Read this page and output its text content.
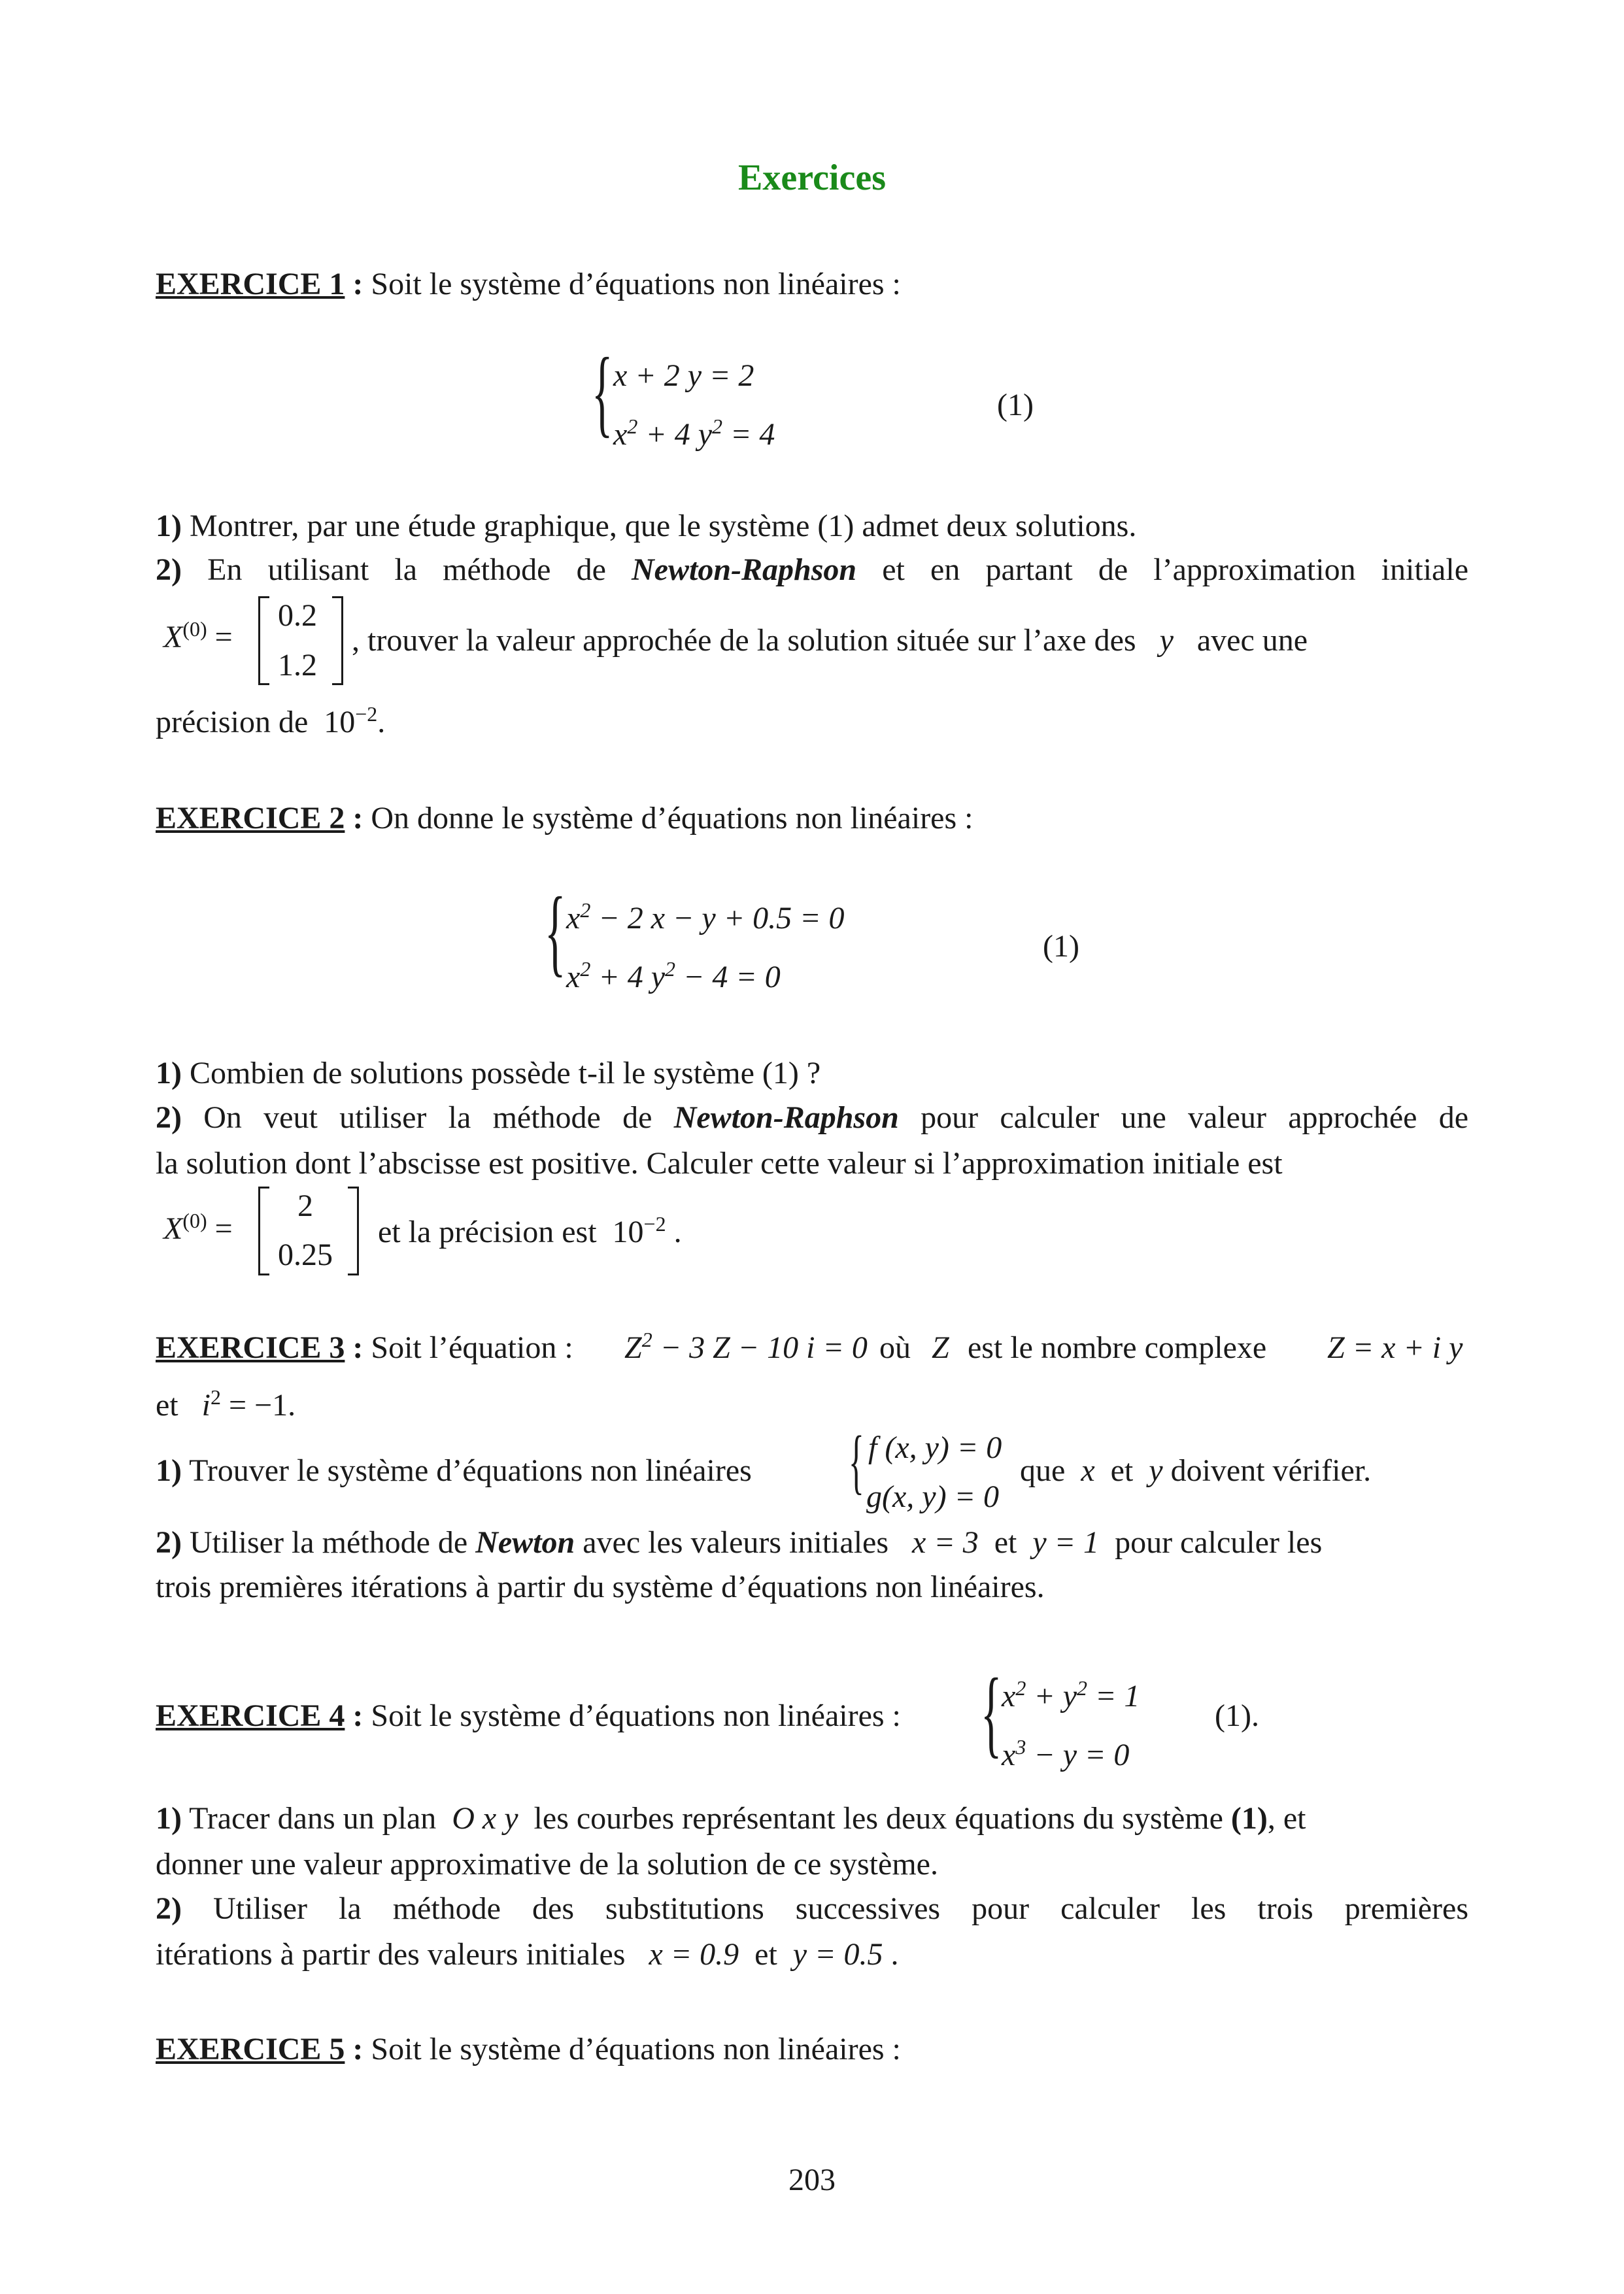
Exercices
EXERCICE 1 : Soit le système d’équations non linéaires :
{ x + 2 y = 2
$x^2 + 4$ $y^2 = 4$
(1)
1) Montrer, par une étude graphique, que le système (1) admet deux solutions.
2) En utilisant la méthode de Newton-Raphson et en partant de l’approximation initiale
$X^{(0)}$ =
0.2
1.2
, trouver la valeur approchée de la solution située sur l’axe des y avec une
précision de $10^{-2}$.
EXERCICE 2 : On donne le système d’équations non linéaires :
{ $x^2 - 2$ x − y + 0.5 = 0
$x^2 + 4$ $y^2 - 4 = 0$
(1)
1) Combien de solutions possède t-il le système (1) ?
2) On veut utiliser la méthode de Newton-Raphson pour calculer une valeur approchée de
la solution dont l’abscisse est positive. Calculer cette valeur si l’approximation initiale est
$X^{(0)}$ =
2
0.25
et la précision est $10^{-2}$ .
EXERCICE 3 : Soit l’équation : $Z^2 - 3$ Z − 10 i = 0 où Z est le nombre complexe Z = x + i y
et $i^2 = -1$.
1) Trouver le système d’équations non linéaires { f (x, y) = 0
g(x, y) = 0
que x et y doivent vérifier.
2) Utiliser la méthode de Newton avec les valeurs initiales x = 3 et y = 1 pour calculer les
trois premières itérations à partir du système d’équations non linéaires.
EXERCICE 4 : Soit le système d’équations non linéaires : { $x^2 + y^2 = 1$
$x^3 - y = 0$
(1).
1) Tracer dans un plan O x y les courbes représentant les deux équations du système (1), et
donner une valeur approximative de la solution de ce système.
2) Utiliser la méthode des substitutions successives pour calculer les trois premières
itérations à partir des valeurs initiales x = 0.9 et y = 0.5 .
EXERCICE 5 : Soit le système d’équations non linéaires :
203
